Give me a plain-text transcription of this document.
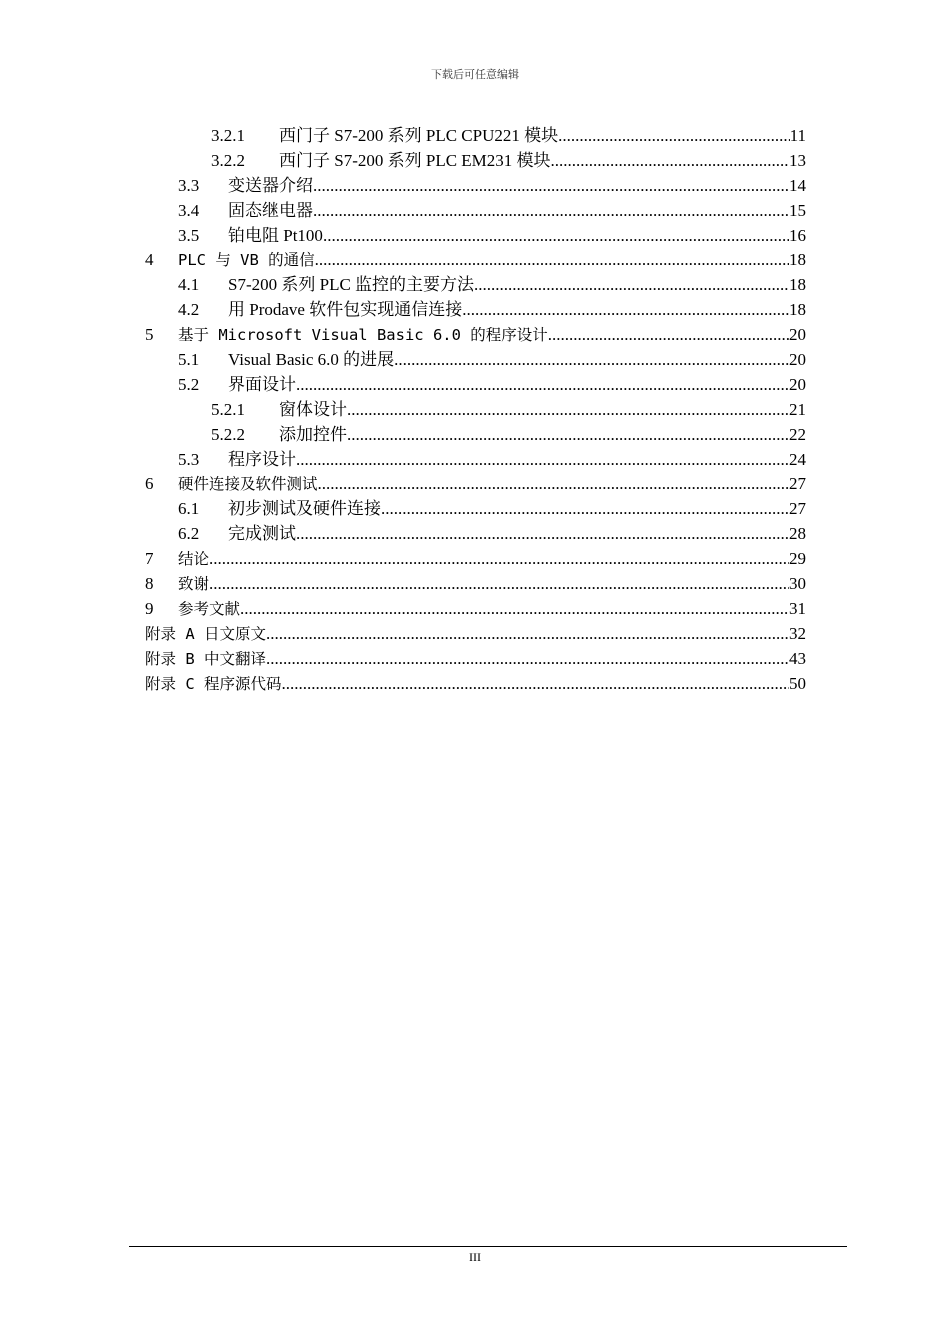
下载后可任意编辑
3.2.1	西门子 S7-200 系列 PLC CPU221 模块 .....	11
3.2.2	西门子 S7-200 系列 PLC EM231 模块 .....	13
3.3	变送器介绍 .....	14
3.4	固态继电器 .....	15
3.5	铂电阻 Pt100 .....	16
4	PLC 与 VB 的通信 .....	18
4.1	S7-200 系列 PLC 监控的主要方法 .....	18
4.2	用 Prodave 软件包实现通信连接 .....	18
5	基于 Microsoft Visual Basic 6.0 的程序设计 .....	20
5.1	Visual Basic 6.0 的进展 .....	20
5.2	界面设计 .....	20
5.2.1	窗体设计 .....	21
5.2.2	添加控件 .....	22
5.3	程序设计 .....	24
6	硬件连接及软件测试 .....	27
6.1	初步测试及硬件连接 .....	27
6.2	完成测试 .....	28
7	结论 .....	29
8	致谢 .....	30
9	参考文献 .....	31
附录 A 日文原文 .....	32
附录 B 中文翻译 .....	43
附录 C 程序源代码 .....	50
III
